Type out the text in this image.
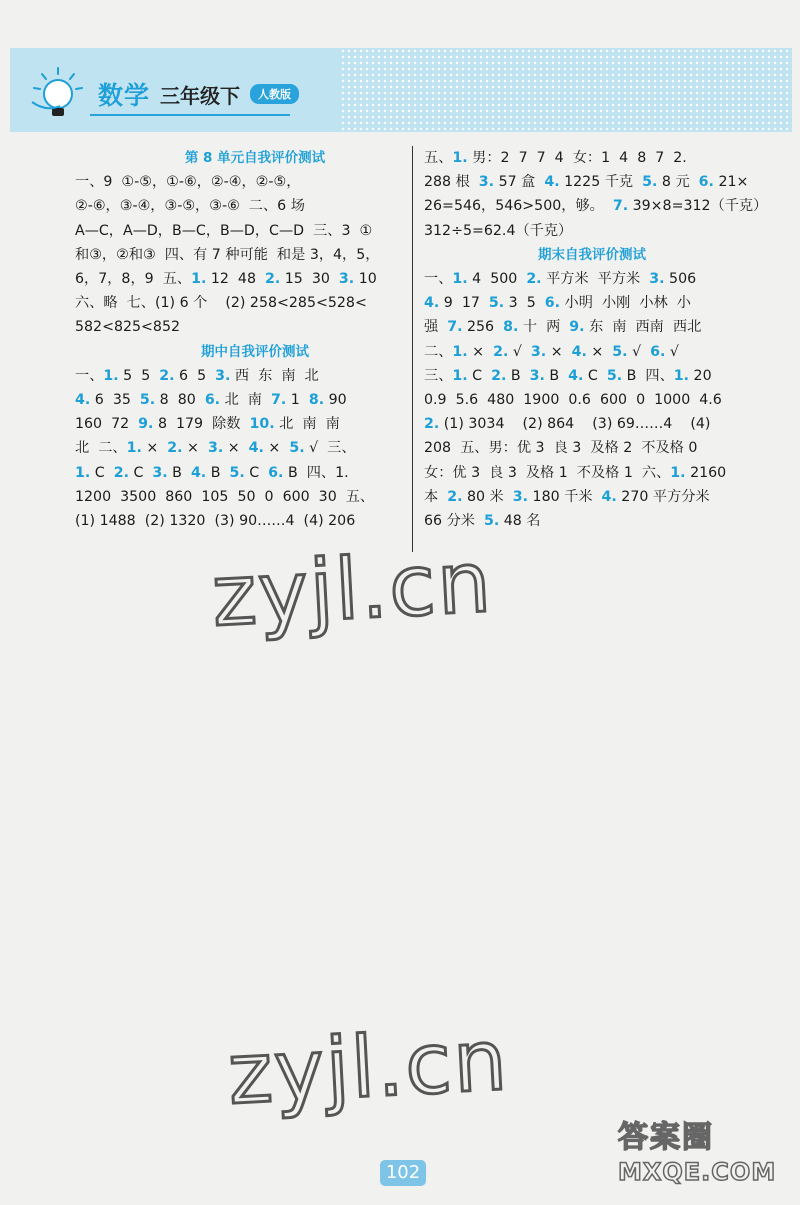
数学 三年级下	人教版
第 8 单元自我评价测试
一、9  ①-⑤，①-⑥，②-④，②-⑤，
②-⑥，③-④，③-⑤，③-⑥  二、6 场
A—C，A—D，B—C，B—D，C—D  三、3  ①
和③，②和③  四、有 7 种可能  和是 3，4，5，
6，7，8，9  五、1. 12  48  2. 15  30  3. 10
六、略  七、(1) 6 个    (2) 258<285<528<
582<825<852
期中自我评价测试
一、1. 5  5  2. 6  5  3. 西  东  南  北
4. 6  35  5. 8  80  6. 北  南  7. 1  8. 90
160  72  9. 8  179  除数  10. 北  南  南
北  二、1. ×  2. ×  3. ×  4. ×  5. √  三、
1. C  2. C  3. B  4. B  5. C  6. B  四、1.
1200  3500  860  105  50  0  600  30  五、
(1) 1488  (2) 1320  (3) 90……4  (4) 206
五、1. 男：2  7  7  4  女：1  4  8  7  2.
288 根  3. 57 盒  4. 1225 千克  5. 8 元  6. 21×
26=546，546>500，够。  7. 39×8=312（千克）
312÷5=62.4（千克）
期末自我评价测试
一、1. 4  500  2. 平方米  平方米  3. 506
4. 9  17  5. 3  5  6. 小明  小刚  小林  小
强  7. 256  8. 十  两  9. 东  南  西南  西北
二、1. ×  2. √  3. ×  4. ×  5. √  6. √
三、1. C  2. B  3. B  4. C  5. B  四、1. 20
0.9  5.6  480  1900  0.6  600  0  1000  4.6
2. (1) 3034    (2) 864    (3) 69……4    (4)
208  五、男：优 3  良 3  及格 2  不及格 0
女：优 3  良 3  及格 1  不及格 1  六、1. 2160
本  2. 80 米  3. 180 千米  4. 270 平方分米
66 分米  5. 48 名
zyjl.cn
zyjl.cn
102
答案圈
MXQE.COM
